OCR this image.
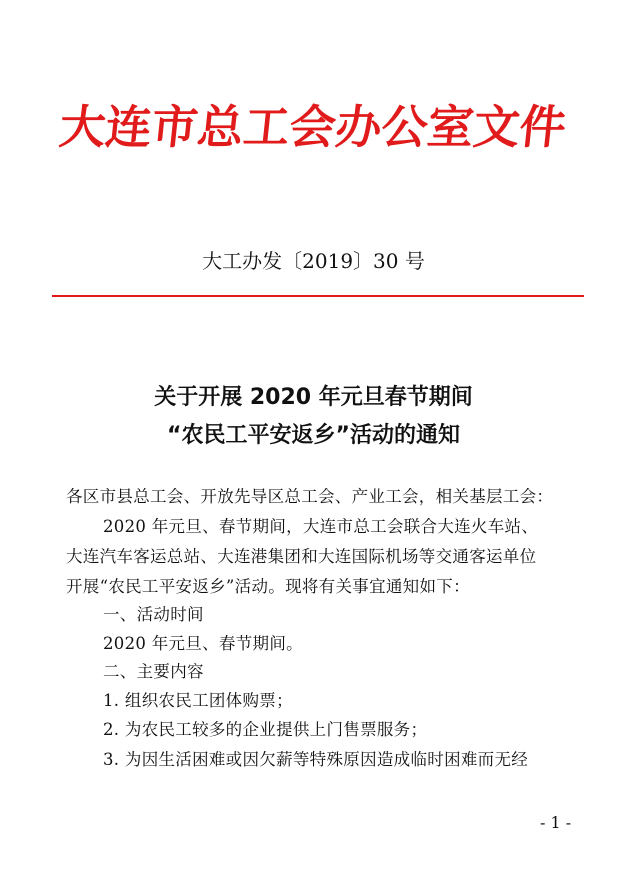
大
连
市
总
工
会
办
公
室
文
件
大工办发〔2019〕30 号
关于开展 2020 年元旦春节期间
“农民工平安返乡”活动的通知
各区市县总工会、开放先导区总工会、产业工会，相关基层工会：
2020 年元旦、春节期间，大连市总工会联合大连火车站、
大连汽车客运总站、大连港集团和大连国际机场等交通客运单位
开展“农民工平安返乡”活动。现将有关事宜通知如下：
一、活动时间
2020 年元旦、春节期间。
二、主要内容
1. 组织农民工团体购票；
2. 为农民工较多的企业提供上门售票服务；
3. 为因生活困难或因欠薪等特殊原因造成临时困难而无经
- 1 -
